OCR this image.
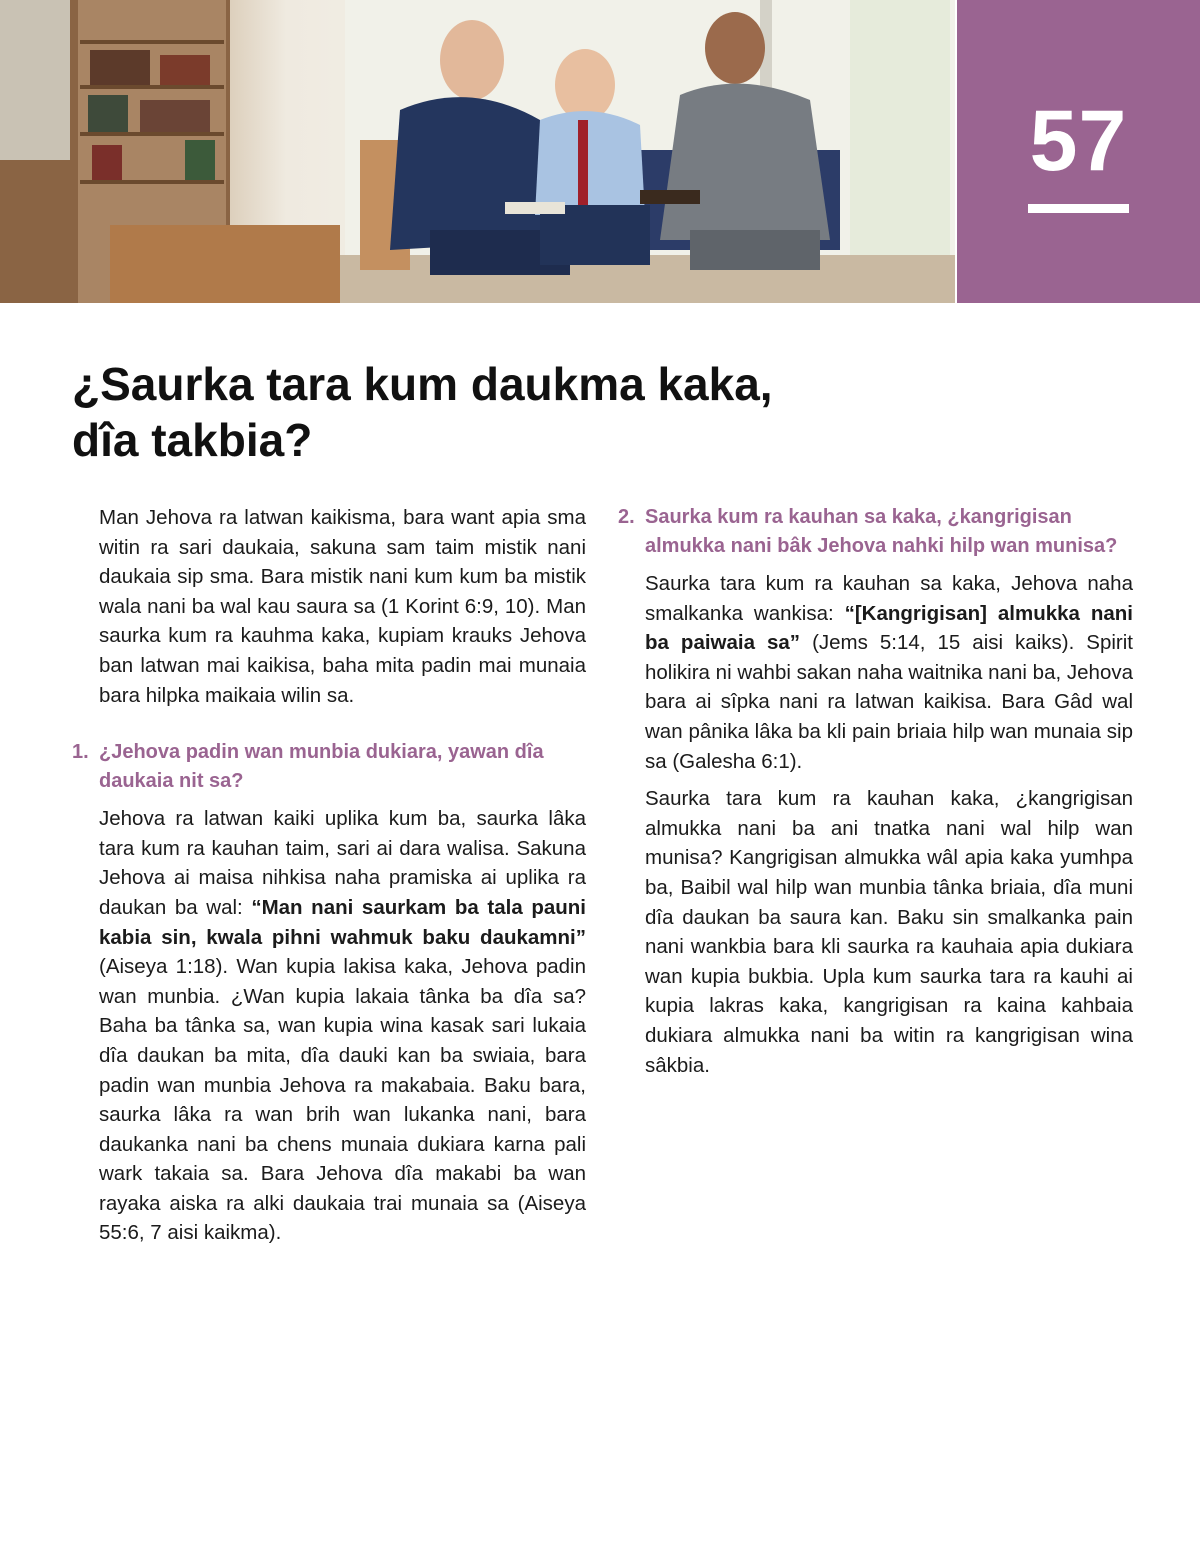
57
¿Saurka tara kum daukma kaka,
dîa takbia?

Man Jehova ra latwan kaikisma, bara want apia sma witin ra sari daukaia, sakuna sam taim mistik nani daukaia sip sma. Bara mistik nani kum kum ba mistik wala nani ba wal kau saura sa (1 Korint 6:9, 10). Man saurka kum ra kauhma kaka, kupiam krauks Jehova ban latwan mai kaikisa, baha mita padin mai munaia bara hilpka maikaia wilin sa.

1. ¿Jehova padin wan munbia dukiara, yawan dîa daukaia nit sa?

Jehova ra latwan kaiki uplika kum ba, saurka lâka tara kum ra kauhan taim, sari ai dara walisa. Sakuna Jehova ai maisa nihkisa naha pramiska ai uplika ra daukan ba wal: “Man nani saurkam ba tala pauni kabia sin, kwala pihni wahmuk baku daukamni” (Aiseya 1:18). Wan kupia lakisa kaka, Jehova padin wan munbia. ¿Wan kupia lakaia tânka ba dîa sa? Baha ba tânka sa, wan kupia wina kasak sari lukaia dîa daukan ba mita, dîa dauki kan ba swiaia, bara padin wan munbia Jehova ra makabaia. Baku bara, saurka lâka ra wan brih wan lukanka nani, bara daukanka nani ba chens munaia dukiara karna pali wark takaia sa. Bara Jehova dîa makabi ba wan rayaka aiska ra alki daukaia trai munaia sa (Aiseya 55:6, 7 aisi kaikma).

2. Saurka kum ra kauhan sa kaka, ¿kangrigisan almukka nani bâk Jehova nahki hilp wan munisa?

Saurka tara kum ra kauhan sa kaka, Jehova naha smalkanka wankisa: “[Kangrigisan] almukka nani ba paiwaia sa” (Jems 5:14, 15 aisi kaiks). Spirit holikira ni wahbi sakan naha waitnika nani ba, Jehova bara ai sîpka nani ra latwan kaikisa. Bara Gâd wal wan pânika lâka ba kli pain briaia hilp wan munaia sip sa (Galesha 6:1).

Saurka tara kum ra kauhan kaka, ¿kangrigisan almukka nani ba ani tnatka nani wal hilp wan munisa? Kangrigisan almukka wâl apia kaka yumhpa ba, Baibil wal hilp wan munbia tânka briaia, dîa muni dîa daukan ba saura kan. Baku sin smalkanka pain nani wankbia bara kli saurka ra kauhaia apia dukiara wan kupia bukbia. Upla kum saurka tara ra kauhi ai kupia lakras kaka, kangrigisan ra kaina kahbaia dukiara almukka nani ba witin ra kangrigisan wina sâkbia.
